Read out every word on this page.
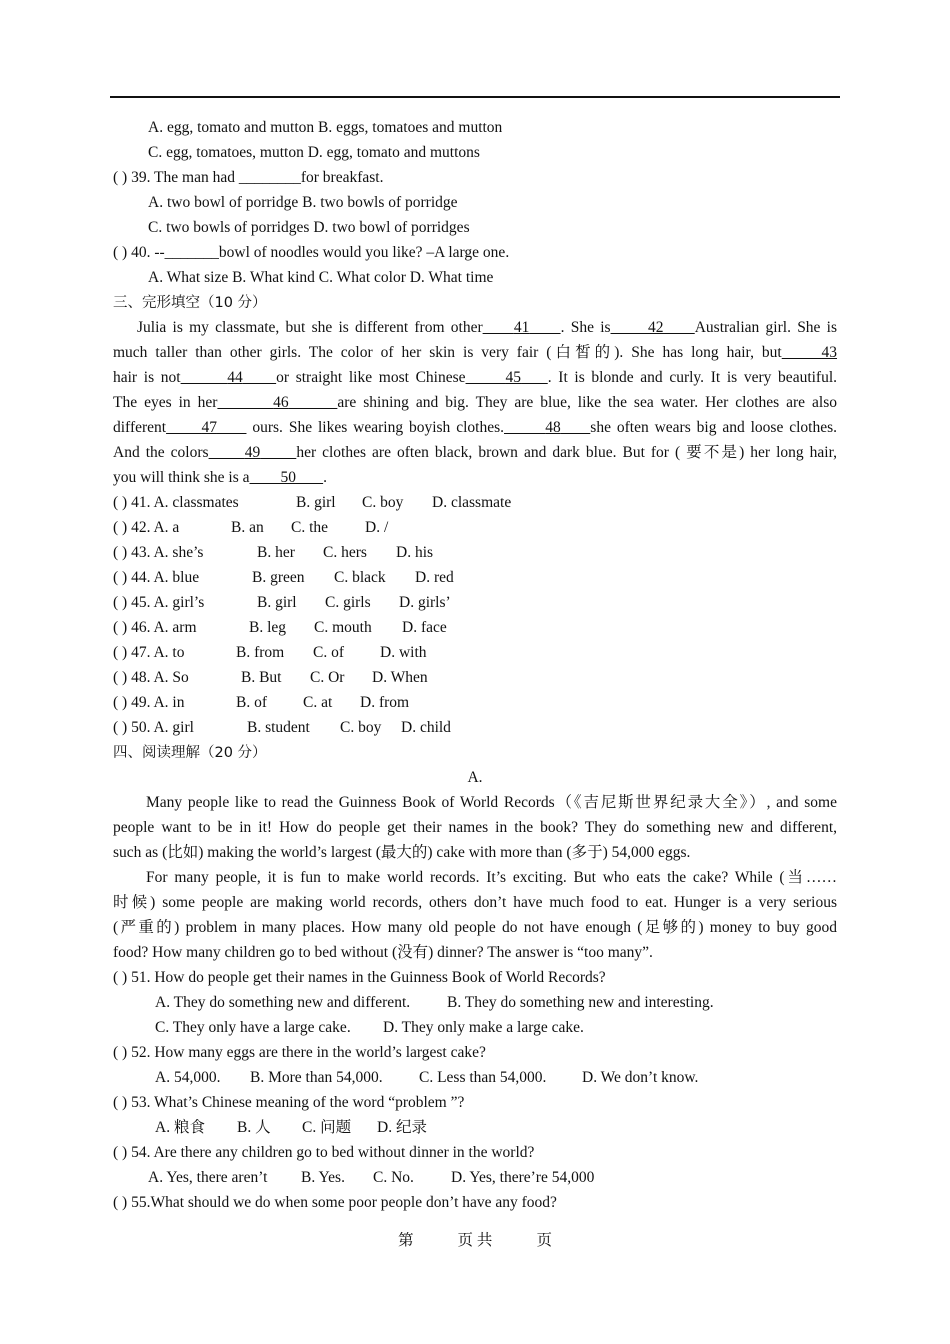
A. egg, tomato and mutton B. eggs, tomatoes and mutton
C. egg, tomatoes, mutton D. egg, tomato and muttons
( ) 39. The man had ________for breakfast.
A. two bowl of porridge B. two bowls of porridge
C. two bowls of porridges D. two bowl of porridges
( ) 40. --_______bowl of noodles would you like? –A large one.
A. What size B. What kind C. What color D. What time
三、完形填空（10 分）
Julia is my classmate, but she is different from other 41 . She is 42 Australian girl. She is
much taller than other girls. The color of her skin is very fair (白皙的). She has long hair, but	43
hair is not	44 or straight like most Chinese	45 . It is blonde and curly. It is very beautiful.
The eyes in her	46	are shining and big. They are blue, like the sea water. Her clothes are also
different 47      ours. She likes wearing boyish clothes.	48 she often wears big and loose clothes.
And the colors 49 her clothes are often black, brown and dark blue. But for ( 要不是) her long hair,
you will think she is a 50 .
( ) 41. A. classmates	B. girl C. boy D. classmate
( ) 42. A. a	B. an C. the D. /
( ) 43. A. she’s	B. her C. hers D. his
( ) 44. A. blue	B. green C. black D. red
( ) 45. A. girl’s	B. girl C. girls D. girls’
( ) 46. A. arm	B. leg C. mouth D. face
( ) 47. A. to	B. from C. of D. with
( ) 48. A. So	B. But C. Or D. When
( ) 49. A. in	B. of C. at D. from
( ) 50. A. girl	B. student C. boy D. child
四、阅读理解（20 分）
A.
Many people like to read the Guinness Book of World Records（《吉尼斯世界纪录大全》）, and some
people want to be in it! How do people get their names in the book? They do something new and different,
such as (比如) making the world’s largest (最大的) cake with more than (多于) 54,000 eggs.
For many people, it is fun to make world records. It’s exciting. But who eats the cake? While (当……
时候) some people are making world records, others don’t have much food to eat. Hunger is a very serious
(严重的) problem in many places. How many old people do not have enough (足够的) money to buy good
food? How many children go to bed without (没有) dinner? The answer is “too many”.
( ) 51. How do people get their names in the Guinness Book of World Records?
A. They do something new and different. B. They do something new and interesting.
C. They only have a large cake. D. They only make a large cake.
( ) 52. How many eggs are there in the world’s largest cake?
A. 54,000. B. More than 54,000. C. Less than 54,000. D. We don’t know.
( ) 53. What’s Chinese meaning of the word “problem ”?
A. 粮食 B. 人 C. 问题 D. 纪录
( ) 54. Are there any children go to bed without dinner in the world?
A. Yes, there aren’t B. Yes. C. No. D. Yes, there’re 54,000
( ) 55.What should we do when some poor people don’t have any food?
第	页 共	页
